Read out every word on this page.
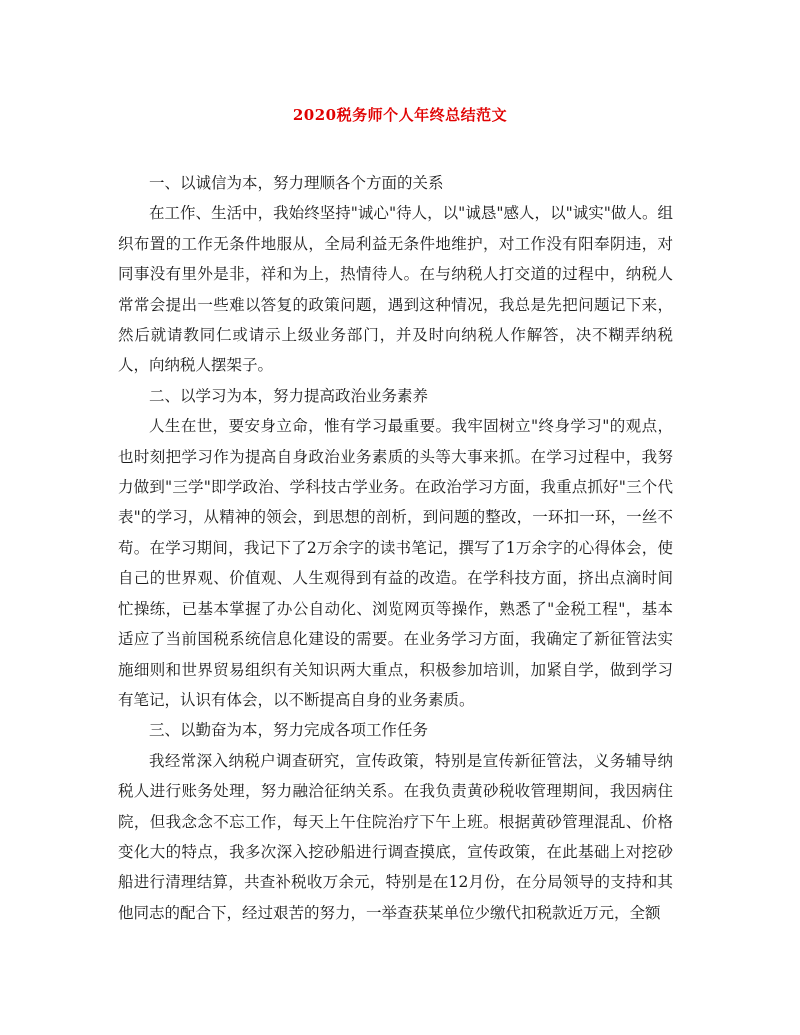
2020税务师个人年终总结范文

一、以诚信为本，努力理顺各个方面的关系

在工作、生活中，我始终坚持"诚心"待人，以"诚恳"感人，以"诚实"做人。组织布置的工作无条件地服从，全局利益无条件地维护，对工作没有阳奉阴违，对同事没有里外是非，祥和为上，热情待人。在与纳税人打交道的过程中，纳税人常常会提出一些难以答复的政策问题，遇到这种情况，我总是先把问题记下来，然后就请教同仁或请示上级业务部门，并及时向纳税人作解答，决不糊弄纳税人，向纳税人摆架子。

二、以学习为本，努力提高政治业务素养

人生在世，要安身立命，惟有学习最重要。我牢固树立"终身学习"的观点，也时刻把学习作为提高自身政治业务素质的头等大事来抓。在学习过程中，我努力做到"三学"即学政治、学科技古学业务。在政治学习方面，我重点抓好"三个代表"的学习，从精神的领会，到思想的剖析，到问题的整改，一环扣一环，一丝不苟。在学习期间，我记下了2万余字的读书笔记，撰写了1万余字的心得体会，使自己的世界观、价值观、人生观得到有益的改造。在学科技方面，挤出点滴时间忙操练，已基本掌握了办公自动化、浏览网页等操作，熟悉了"金税工程"，基本适应了当前国税系统信息化建设的需要。在业务学习方面，我确定了新征管法实施细则和世界贸易组织有关知识两大重点，积极参加培训，加紧自学，做到学习有笔记，认识有体会，以不断提高自身的业务素质。

三、以勤奋为本，努力完成各项工作任务

我经常深入纳税户调查研究，宣传政策，特别是宣传新征管法，义务辅导纳税人进行账务处理，努力融洽征纳关系。在我负责黄砂税收管理期间，我因病住院，但我念念不忘工作，每天上午住院治疗下午上班。根据黄砂管理混乱、价格变化大的特点，我多次深入挖砂船进行调查摸底，宣传政策，在此基础上对挖砂船进行清理结算，共查补税收万余元，特别是在12月份，在分局领导的支持和其他同志的配合下，经过艰苦的努力，一举查获某单位少缴代扣税款近万元，全额
